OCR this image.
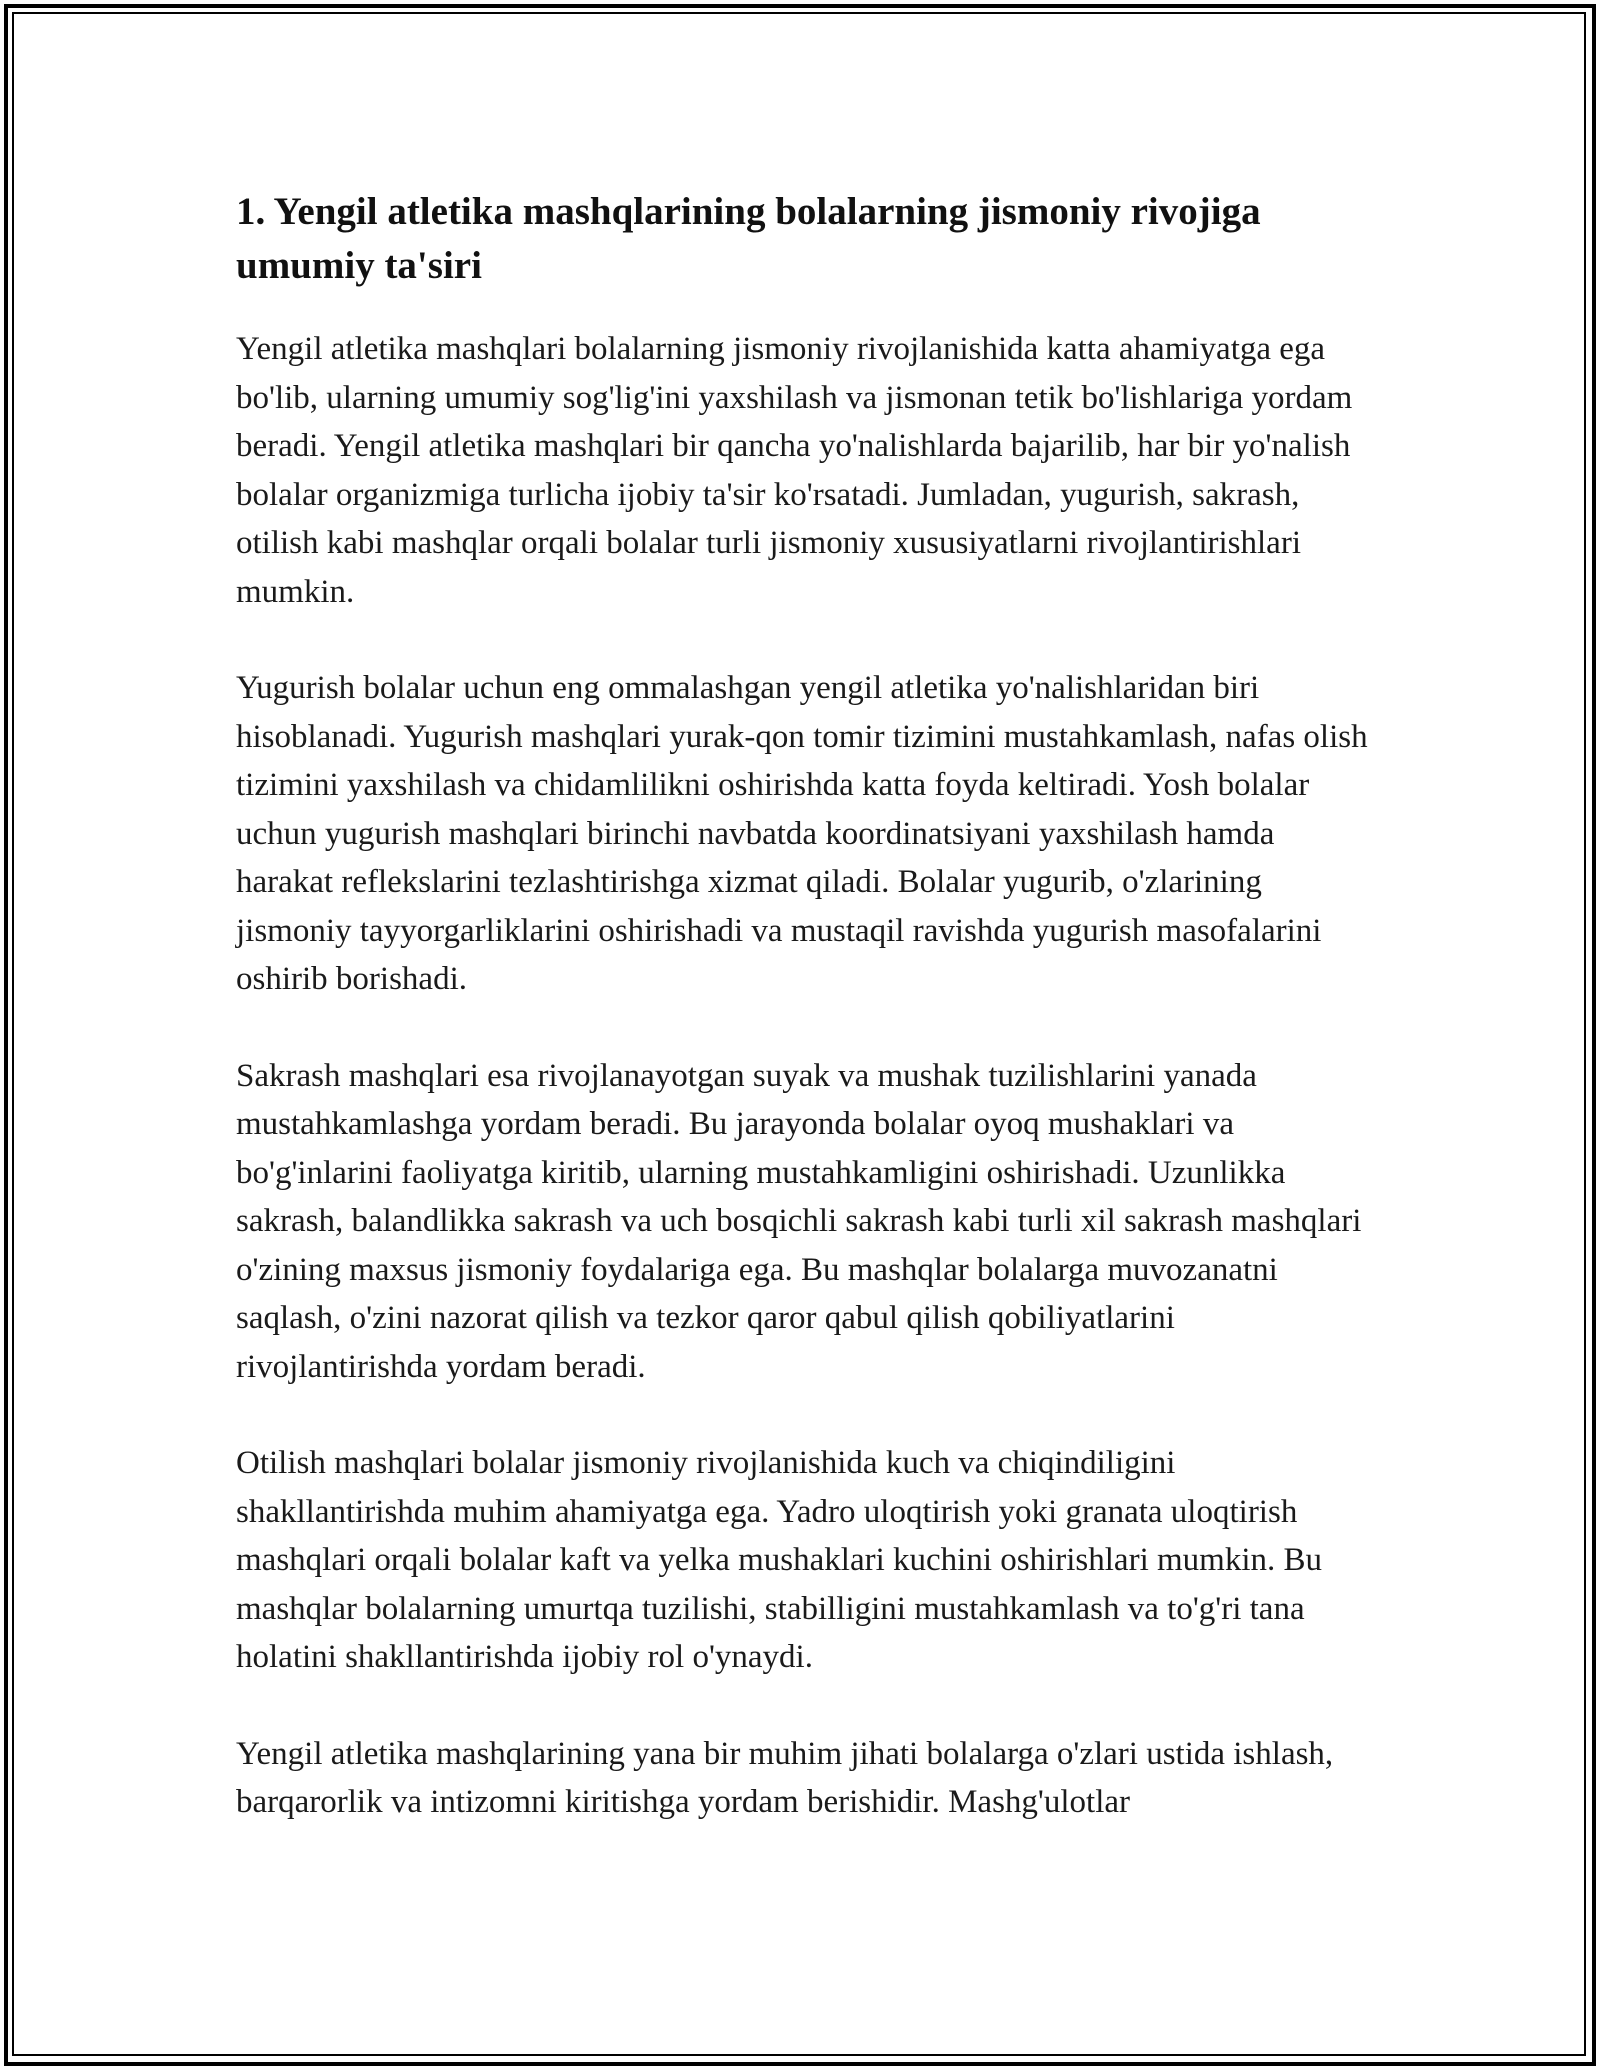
1. Yengil atletika mashqlarining bolalarning jismoniy rivojiga umumiy ta'siri

Yengil atletika mashqlari bolalarning jismoniy rivojlanishida katta ahamiyatga ega bo'lib, ularning umumiy sog'lig'ini yaxshilash va jismonan tetik bo'lishlariga yordam beradi. Yengil atletika mashqlari bir qancha yo'nalishlarda bajarilib, har bir yo'nalish bolalar organizmiga turlicha ijobiy ta'sir ko'rsatadi. Jumladan, yugurish, sakrash, otilish kabi mashqlar orqali bolalar turli jismoniy xususiyatlarni rivojlantirishlari mumkin.

Yugurish bolalar uchun eng ommalashgan yengil atletika yo'nalishlaridan biri hisoblanadi. Yugurish mashqlari yurak-qon tomir tizimini mustahkamlash, nafas olish tizimini yaxshilash va chidamlilikni oshirishda katta foyda keltiradi. Yosh bolalar uchun yugurish mashqlari birinchi navbatda koordinatsiyani yaxshilash hamda harakat reflekslarini tezlashtirishga xizmat qiladi. Bolalar yugurib, o'zlarining jismoniy tayyorgarliklarini oshirishadi va mustaqil ravishda yugurish masofalarini oshirib borishadi.

Sakrash mashqlari esa rivojlanayotgan suyak va mushak tuzilishlarini yanada mustahkamlashga yordam beradi. Bu jarayonda bolalar oyoq mushaklari va bo'g'inlarini faoliyatga kiritib, ularning mustahkamligini oshirishadi. Uzunlikka sakrash, balandlikka sakrash va uch bosqichli sakrash kabi turli xil sakrash mashqlari o'zining maxsus jismoniy foydalariga ega. Bu mashqlar bolalarga muvozanatni saqlash, o'zini nazorat qilish va tezkor qaror qabul qilish qobiliyatlarini rivojlantirishda yordam beradi.

Otilish mashqlari bolalar jismoniy rivojlanishida kuch va chiqindiligini shakllantirishda muhim ahamiyatga ega. Yadro uloqtirish yoki granata uloqtirish mashqlari orqali bolalar kaft va yelka mushaklari kuchini oshirishlari mumkin. Bu mashqlar bolalarning umurtqa tuzilishi, stabilligini mustahkamlash va to'g'ri tana holatini shakllantirishda ijobiy rol o'ynaydi.

Yengil atletika mashqlarining yana bir muhim jihati bolalarga o'zlari ustida ishlash, barqarorlik va intizomni kiritishga yordam berishidir. Mashg'ulotlar
